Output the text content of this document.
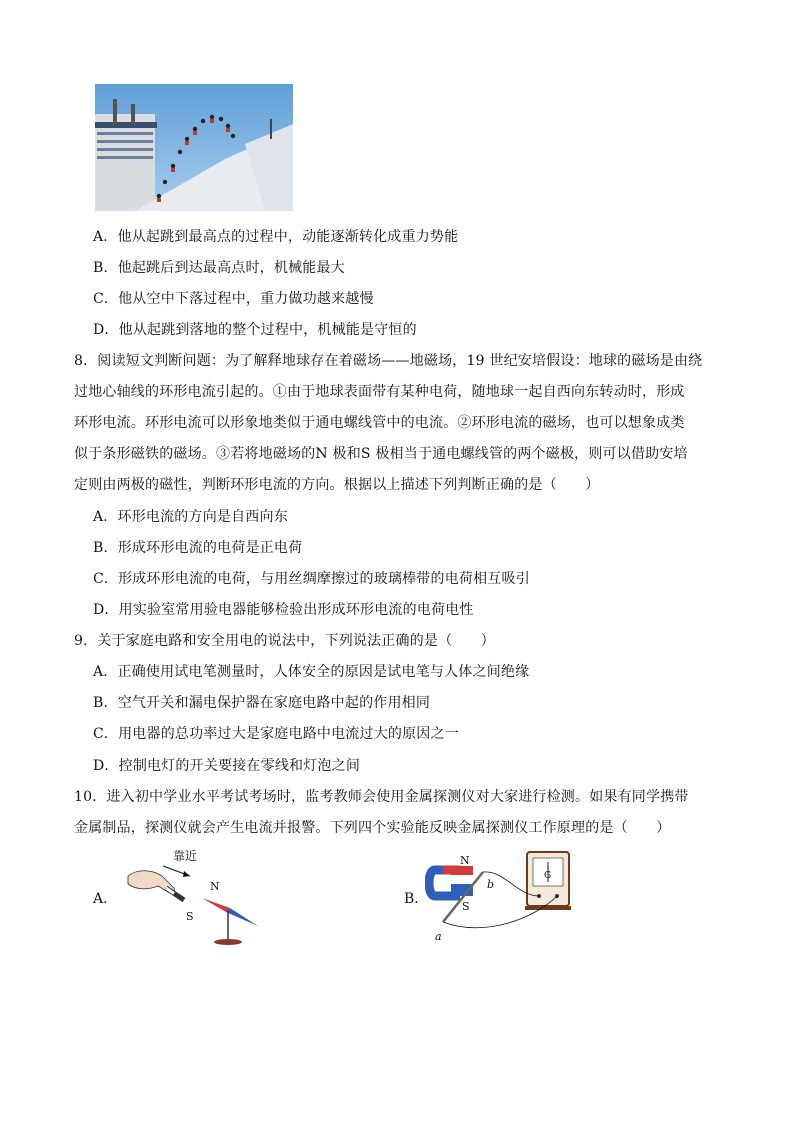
A．他从起跳到最高点的过程中，动能逐渐转化成重力势能
B．他起跳后到达最高点时，机械能最大
C．他从空中下落过程中，重力做功越来越慢
D．他从起跳到落地的整个过程中，机械能是守恒的
8．阅读短文判断问题：为了解释地球存在着磁场——地磁场，19 世纪安培假设：地球的磁场是由绕
过地心轴线的环形电流引起的。①由于地球表面带有某种电荷，随地球一起自西向东转动时，形成
环形电流。环形电流可以形象地类似于通电螺线管中的电流。②环形电流的磁场，也可以想象成类
似于条形磁铁的磁场。③若将地磁场的N 极和S 极相当于通电螺线管的两个磁极，则可以借助安培
定则由两极的磁性，判断环形电流的方向。根据以上描述下列判断正确的是（　　）
A．环形电流的方向是自西向东
B．形成环形电流的电荷是正电荷
C．形成环形电流的电荷，与用丝绸摩擦过的玻璃棒带的电荷相互吸引
D．用实验室常用验电器能够检验出形成环形电流的电荷电性
9．关于家庭电路和安全用电的说法中，下列说法正确的是（　　）
A．正确使用试电笔测量时，人体安全的原因是试电笔与人体之间绝缘
B．空气开关和漏电保护器在家庭电路中起的作用相同
C．用电器的总功率过大是家庭电路中电流过大的原因之一
D．控制电灯的开关要接在零线和灯泡之间
10．进入初中学业水平考试考场时，监考教师会使用金属探测仪对大家进行检测。如果有同学携带
金属制品，探测仪就会产生电流并报警。下列四个实验能反映金属探测仪工作原理的是（　　）
A．
靠近
S
N
B．
G
N
S
a
b
